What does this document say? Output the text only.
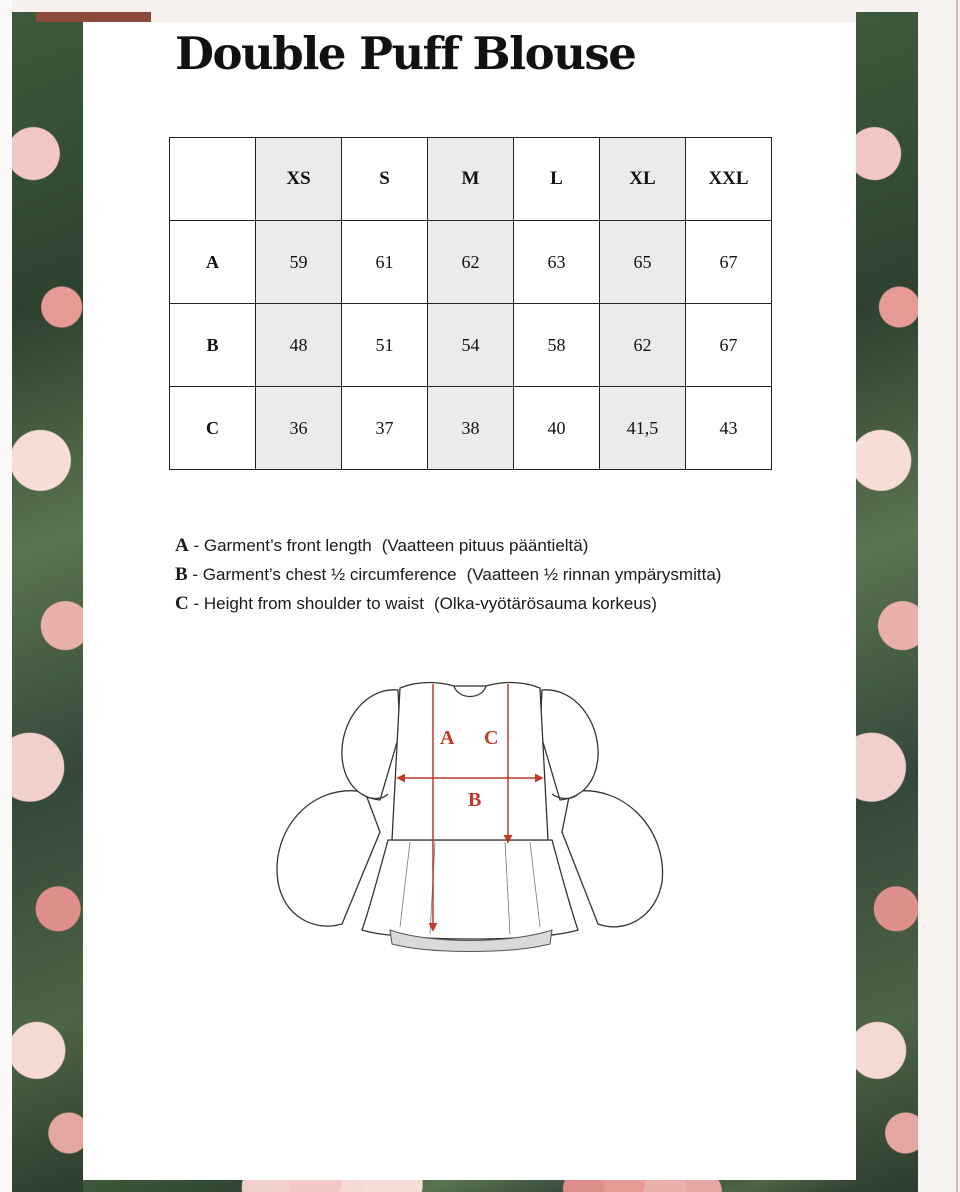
Double Puff Blouse
	XS	S	M	L	XL	XXL
A	59	61	62	63	65	67
B	48	51	54	58	62	67
C	36	37	38	40	41,5	43
A - Garment’s front length (Vaatteen pituus pääntieltä)
B - Garment’s chest ½ circumference (Vaatteen ½ rinnan ympärysmitta)
C - Height from shoulder to waist (Olka-vyötärösauma korkeus)
A C
B
